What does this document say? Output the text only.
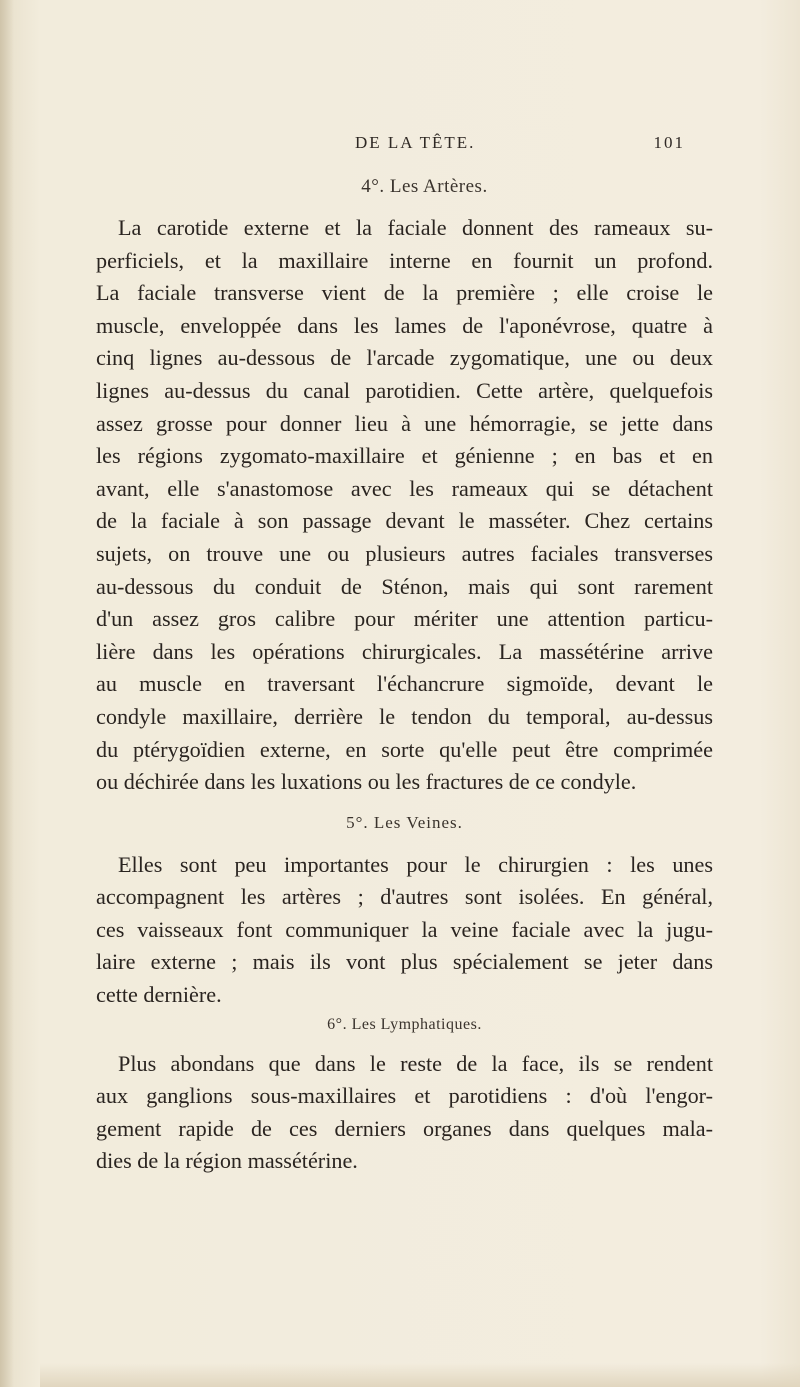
DE LA TÊTE.	101

4°. Les Artères.

La carotide externe et la faciale donnent des rameaux su-
perficiels, et la maxillaire interne en fournit un profond.
La faciale transverse vient de la première ; elle croise le
muscle, enveloppée dans les lames de l'aponévrose, quatre à
cinq lignes au-dessous de l'arcade zygomatique, une ou deux
lignes au-dessus du canal parotidien. Cette artère, quelquefois
assez grosse pour donner lieu à une hémorragie, se jette dans
les régions zygomato-maxillaire et génienne ; en bas et en
avant, elle s'anastomose avec les rameaux qui se détachent
de la faciale à son passage devant le masséter. Chez certains
sujets, on trouve une ou plusieurs autres faciales transverses
au-dessous du conduit de Sténon, mais qui sont rarement
d'un assez gros calibre pour mériter une attention particu-
lière dans les opérations chirurgicales. La massétérine arrive
au muscle en traversant l'échancrure sigmoïde, devant le
condyle maxillaire, derrière le tendon du temporal, au-dessus
du ptérygoïdien externe, en sorte qu'elle peut être comprimée
ou déchirée dans les luxations ou les fractures de ce condyle.

5°. Les Veines.

Elles sont peu importantes pour le chirurgien : les unes
accompagnent les artères ; d'autres sont isolées. En général,
ces vaisseaux font communiquer la veine faciale avec la jugu-
laire externe ; mais ils vont plus spécialement se jeter dans
cette dernière.

6°. Les Lymphatiques.

Plus abondans que dans le reste de la face, ils se rendent
aux ganglions sous-maxillaires et parotidiens : d'où l'engor-
gement rapide de ces derniers organes dans quelques mala-
dies de la région massétérine.
